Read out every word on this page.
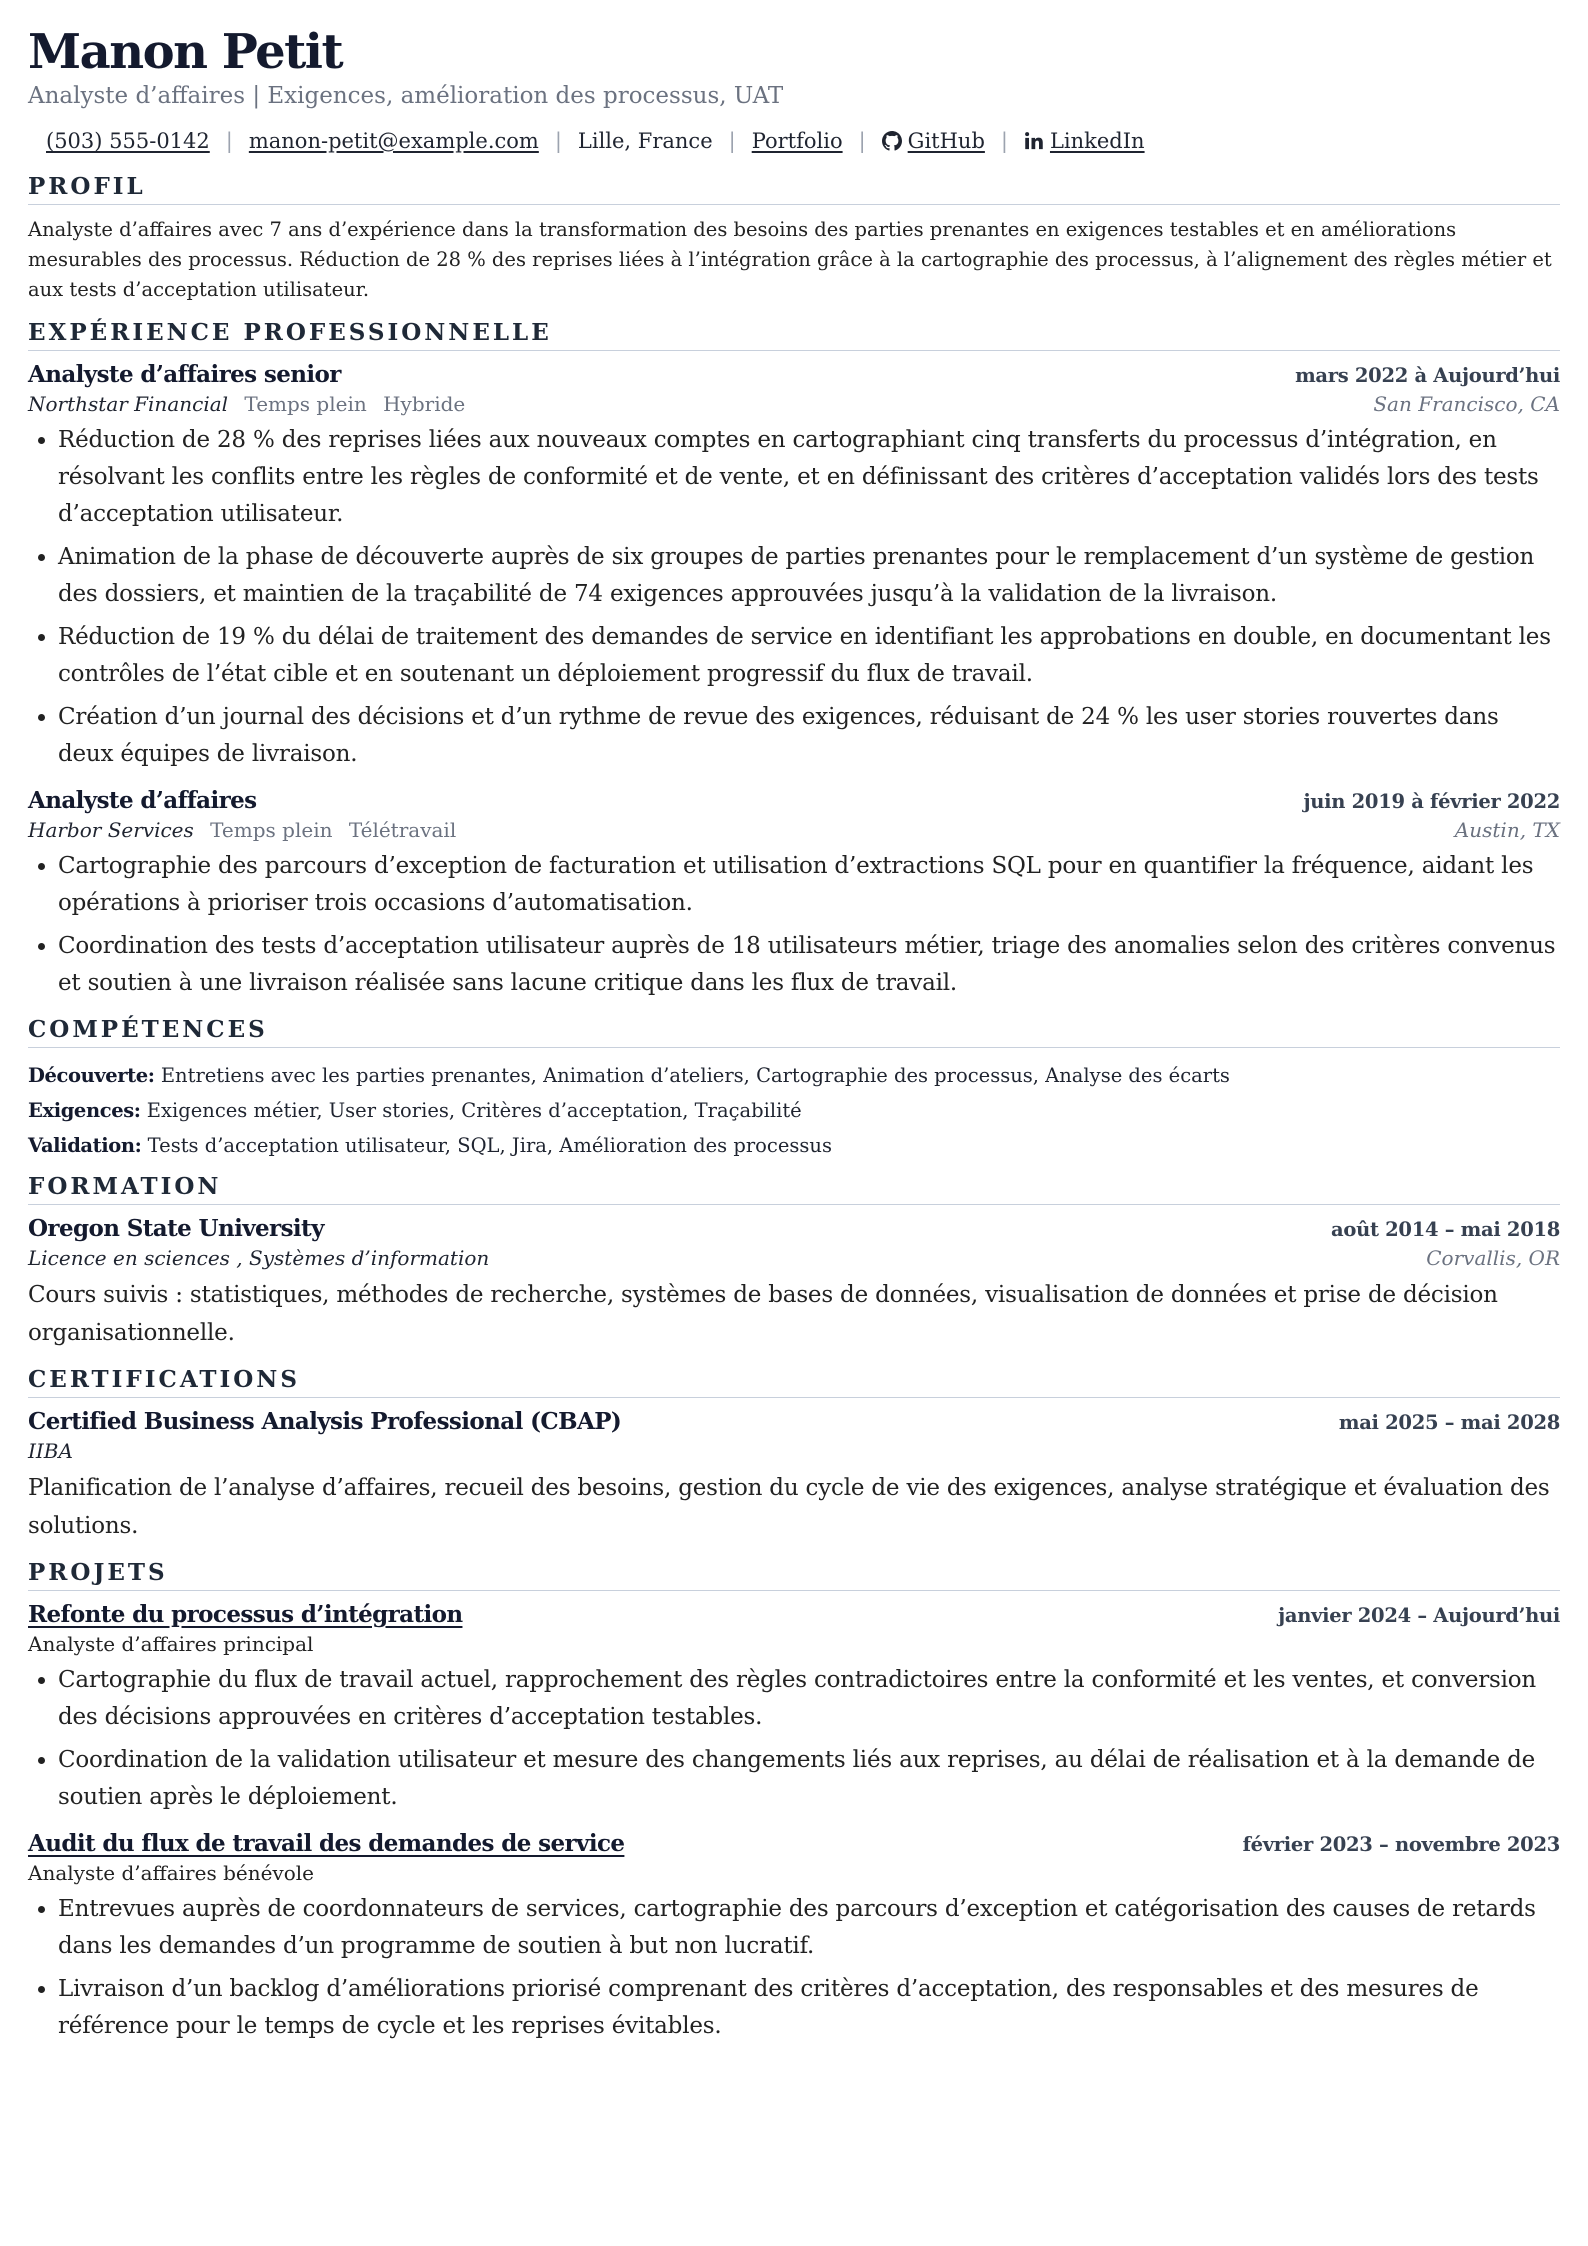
Manon Petit
Analyste d’affaires | Exigences, amélioration des processus, UAT
(503) 555-0142 | manon-petit@example.com | Lille, France | Portfolio | GitHub | LinkedIn
PROFIL
Analyste d’affaires avec 7 ans d’expérience dans la transformation des besoins des parties prenantes en exigences testables et en améliorations mesurables des processus. Réduction de 28 % des reprises liées à l’intégration grâce à la cartographie des processus, à l’alignement des règles métier et aux tests d’acceptation utilisateur.
EXPÉRIENCE PROFESSIONNELLE
Analyste d’affaires senior	mars 2022 à Aujourd’hui
Northstar Financial Temps plein Hybride	San Francisco, CA
• Réduction de 28 % des reprises liées aux nouveaux comptes en cartographiant cinq transferts du processus d’intégration, en résolvant les conflits entre les règles de conformité et de vente, et en définissant des critères d’acceptation validés lors des tests d’acceptation utilisateur.
• Animation de la phase de découverte auprès de six groupes de parties prenantes pour le remplacement d’un système de gestion des dossiers, et maintien de la traçabilité de 74 exigences approuvées jusqu’à la validation de la livraison.
• Réduction de 19 % du délai de traitement des demandes de service en identifiant les approbations en double, en documentant les contrôles de l’état cible et en soutenant un déploiement progressif du flux de travail.
• Création d’un journal des décisions et d’un rythme de revue des exigences, réduisant de 24 % les user stories rouvertes dans deux équipes de livraison.
Analyste d’affaires	juin 2019 à février 2022
Harbor Services Temps plein Télétravail	Austin, TX
• Cartographie des parcours d’exception de facturation et utilisation d’extractions SQL pour en quantifier la fréquence, aidant les opérations à prioriser trois occasions d’automatisation.
• Coordination des tests d’acceptation utilisateur auprès de 18 utilisateurs métier, triage des anomalies selon des critères convenus et soutien à une livraison réalisée sans lacune critique dans les flux de travail.
COMPÉTENCES
Découverte: Entretiens avec les parties prenantes, Animation d’ateliers, Cartographie des processus, Analyse des écarts
Exigences: Exigences métier, User stories, Critères d’acceptation, Traçabilité
Validation: Tests d’acceptation utilisateur, SQL, Jira, Amélioration des processus
FORMATION
Oregon State University	août 2014 – mai 2018
Licence en sciences , Systèmes d’information	Corvallis, OR
Cours suivis : statistiques, méthodes de recherche, systèmes de bases de données, visualisation de données et prise de décision organisationnelle.
CERTIFICATIONS
Certified Business Analysis Professional (CBAP)	mai 2025 – mai 2028
IIBA
Planification de l’analyse d’affaires, recueil des besoins, gestion du cycle de vie des exigences, analyse stratégique et évaluation des solutions.
PROJETS
Refonte du processus d’intégration	janvier 2024 – Aujourd’hui
Analyste d’affaires principal
• Cartographie du flux de travail actuel, rapprochement des règles contradictoires entre la conformité et les ventes, et conversion des décisions approuvées en critères d’acceptation testables.
• Coordination de la validation utilisateur et mesure des changements liés aux reprises, au délai de réalisation et à la demande de soutien après le déploiement.
Audit du flux de travail des demandes de service	février 2023 – novembre 2023
Analyste d’affaires bénévole
• Entrevues auprès de coordonnateurs de services, cartographie des parcours d’exception et catégorisation des causes de retards dans les demandes d’un programme de soutien à but non lucratif.
• Livraison d’un backlog d’améliorations priorisé comprenant des critères d’acceptation, des responsables et des mesures de référence pour le temps de cycle et les reprises évitables.
